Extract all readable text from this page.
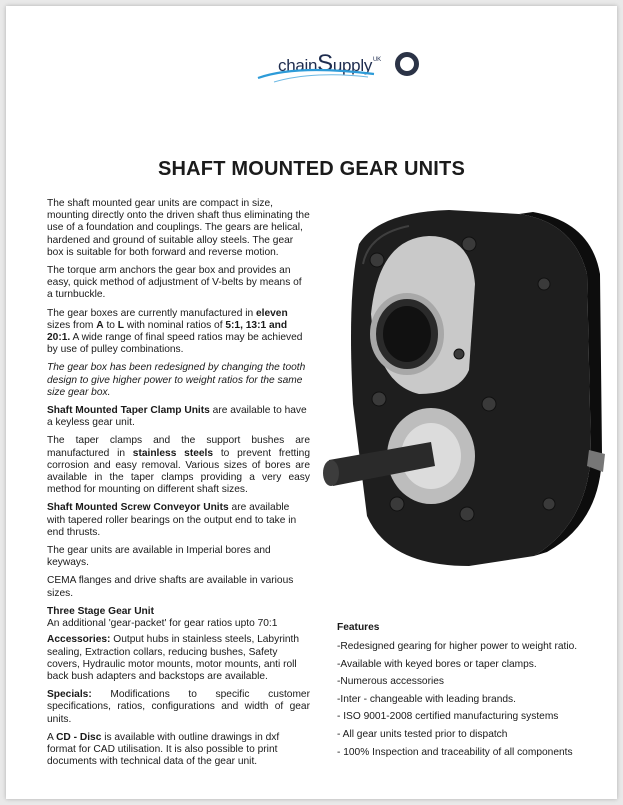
chainSupply$^{UK}$
SHAFT MOUNTED GEAR UNITS

The shaft mounted gear units are compact in size, mounting directly onto the driven shaft thus eliminating the use of a foundation and couplings. The gears are helical, hardened and ground of suitable alloy steels. The gear box is suitable for both forward and reverse motion.

The torque arm anchors the gear box and provides an easy, quick method of adjustment of V-belts by means of a turnbuckle.

The gear boxes are currently manufactured in eleven sizes from A to L with nominal ratios of 5:1, 13:1 and 20:1. A wide range of final speed ratios may be achieved by use of pulley combinations.

The gear box has been redesigned by changing the tooth design to give higher power to weight ratios for the same size gear box.

Shaft Mounted Taper Clamp Units are available to have a keyless gear unit.

The taper clamps and the support bushes are manufactured in stainless steels to prevent fretting corrosion and easy removal. Various sizes of bores are available in the taper clamps providing a very easy method for mounting on different shaft sizes.

Shaft Mounted Screw Conveyor Units are available with tapered roller bearings on the output end to take in end thrusts.

The gear units are available in Imperial bores and keyways.

CEMA flanges and drive shafts are available in various sizes.

Three Stage Gear Unit
An additional 'gear-packet' for gear ratios upto 70:1

Accessories: Output hubs in stainless steels, Labyrinth sealing, Extraction collars, reducing bushes, Safety covers, Hydraulic motor mounts, motor mounts, anti roll back bush adapters and backstops are available.

Specials: Modifications to specific customer specifications, ratios, configurations and width of gear units.

A CD - Disc is available with outline drawings in dxf format for CAD utilisation. It is also possible to print documents with technical data of the gear unit.

Features
-Redesigned gearing for higher power to weight ratio.
-Available with keyed bores or taper clamps.
-Numerous accessories
-Inter - changeable with leading brands.
- ISO 9001-2008 certified manufacturing systems
- All gear units tested prior to dispatch
- 100% Inspection and traceability of all components
